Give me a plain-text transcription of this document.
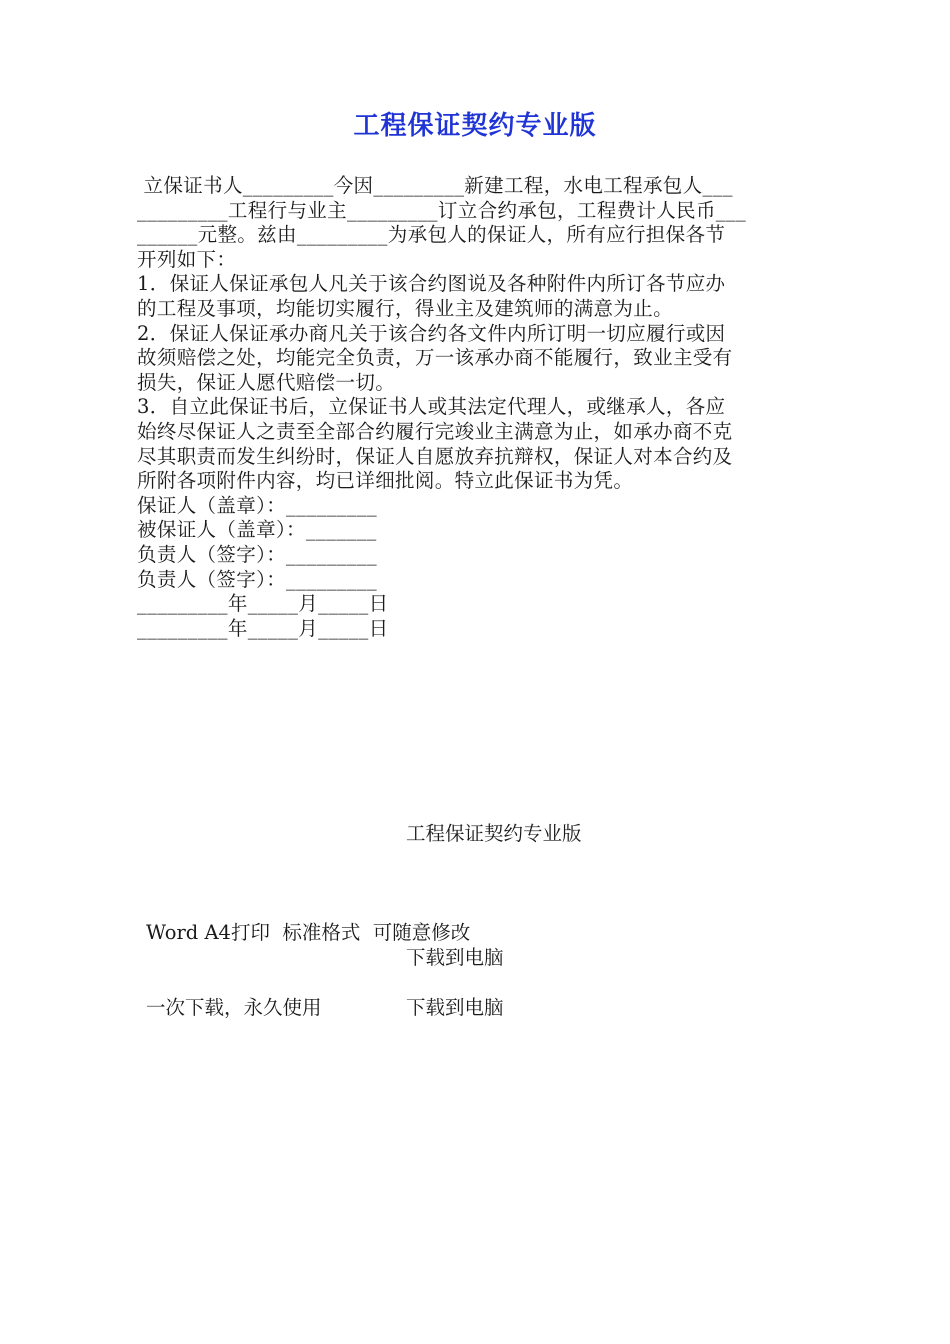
工程保证契约专业版
立保证书人_________今因_________新建工程，水电工程承包人___
_________工程行与业主_________订立合约承包，工程费计人民币___
______元整。兹由_________为承包人的保证人，所有应行担保各节
开列如下：
1．保证人保证承包人凡关于该合约图说及各种附件内所订各节应办
的工程及事项，均能切实履行，得业主及建筑师的满意为止。
2．保证人保证承办商凡关于该合约各文件内所订明一切应履行或因
故须赔偿之处，均能完全负责，万一该承办商不能履行，致业主受有
损失，保证人愿代赔偿一切。
3．自立此保证书后，立保证书人或其法定代理人，或继承人，各应
始终尽保证人之责至全部合约履行完竣业主满意为止，如承办商不克
尽其职责而发生纠纷时，保证人自愿放弃抗辩权，保证人对本合约及
所附各项附件内容，均已详细批阅。特立此保证书为凭。
保证人（盖章）：_________
被保证人（盖章）：_______
负责人（签字）：_________
负责人（签字）：_________
_________年_____月_____日
_________年_____月_____日
工程保证契约专业版

Word A4打印  标准格式  可随意修改

一次下载，永久使用

下载到电脑
下载到电脑
